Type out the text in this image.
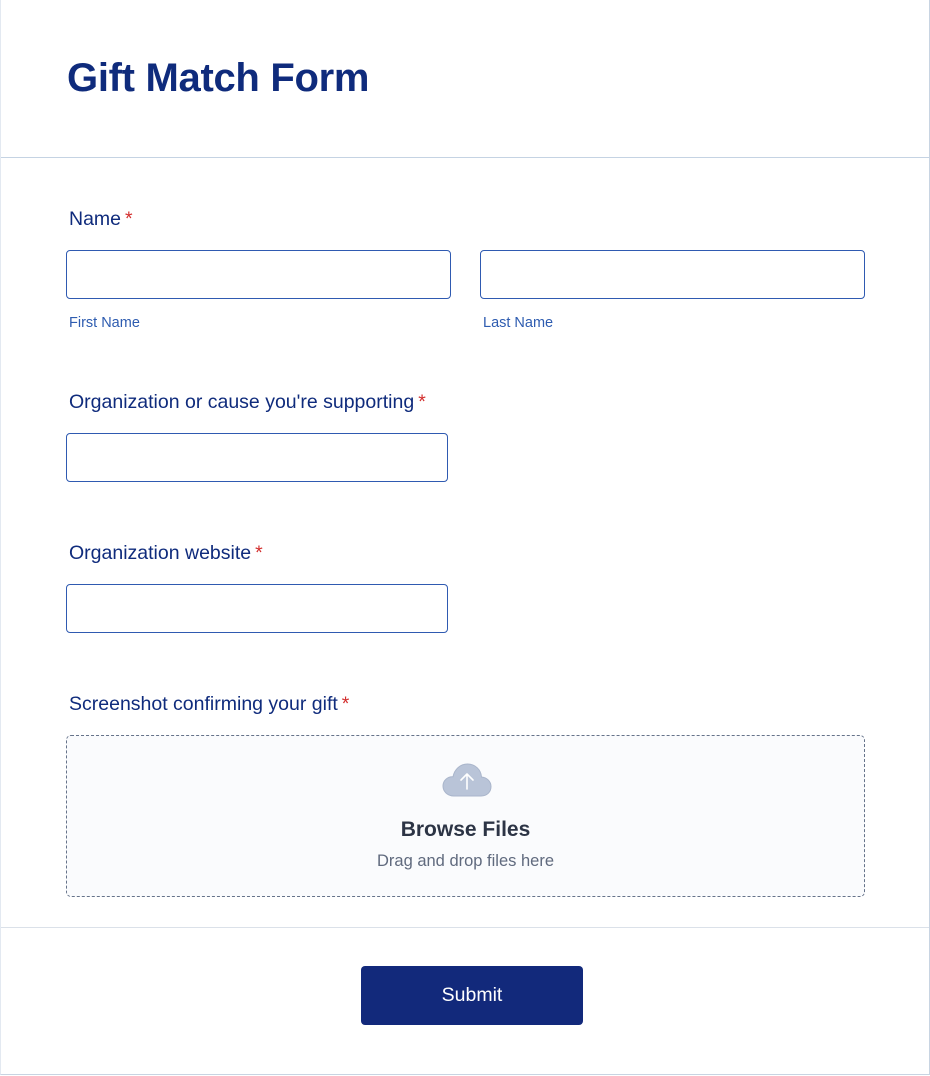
Gift Match Form
Name *
First Name	Last Name
Organization or cause you're supporting *
Organization website *
Screenshot confirming your gift *
Browse Files
Drag and drop files here
Submit
